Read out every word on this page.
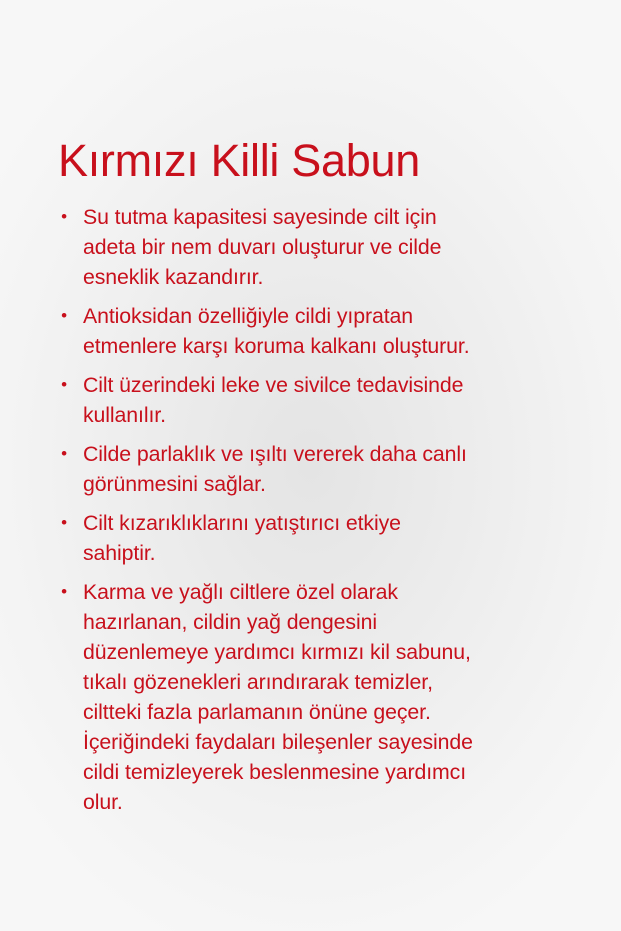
Kırmızı Killi Sabun
• Su tutma kapasitesi sayesinde cilt için
adeta bir nem duvarı oluşturur ve cilde
esneklik kazandırır.
• Antioksidan özelliğiyle cildi yıpratan
etmenlere karşı koruma kalkanı oluşturur.
• Cilt üzerindeki leke ve sivilce tedavisinde
kullanılır.
• Cilde parlaklık ve ışıltı vererek daha canlı
görünmesini sağlar.
• Cilt kızarıklıklarını yatıştırıcı etkiye
sahiptir.
• Karma ve yağlı ciltlere özel olarak
hazırlanan, cildin yağ dengesini
düzenlemeye yardımcı kırmızı kil sabunu,
tıkalı gözenekleri arındırarak temizler,
ciltteki fazla parlamanın önüne geçer.
İçeriğindeki faydaları bileşenler sayesinde
cildi temizleyerek beslenmesine yardımcı
olur.
